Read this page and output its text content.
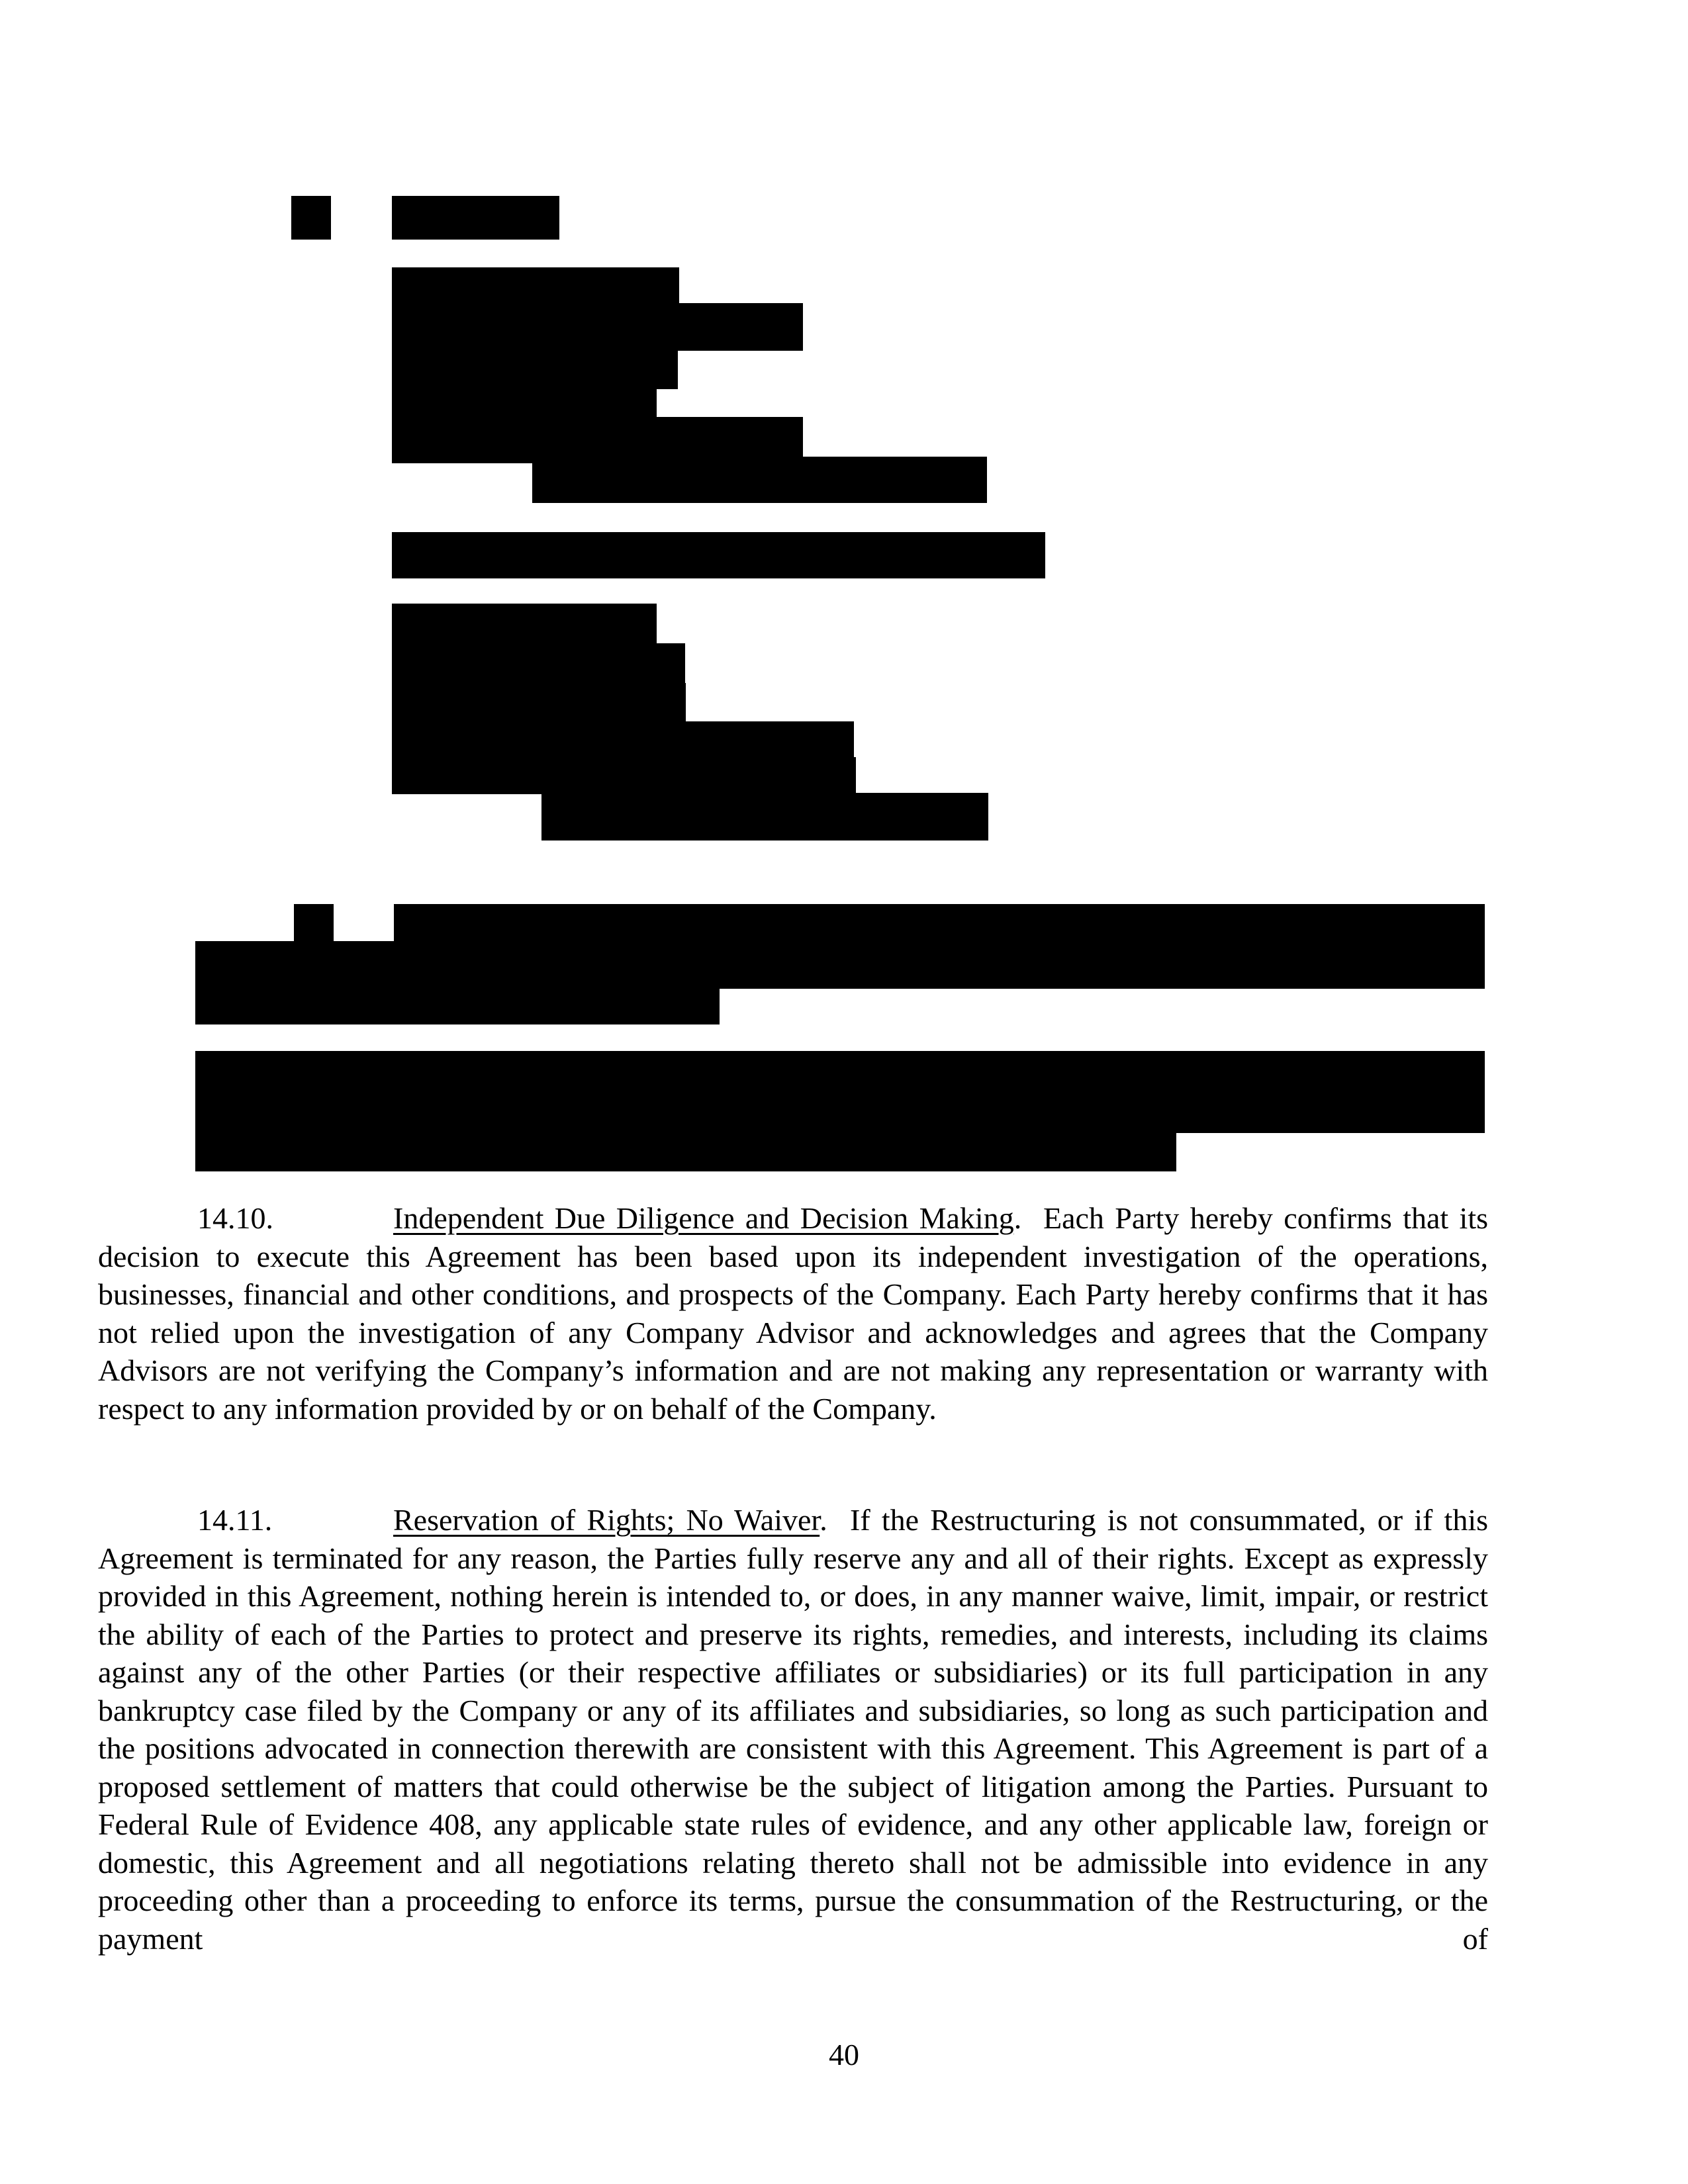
14.10.	Independent Due Diligence and Decision Making. Each Party hereby confirms that its decision to execute this Agreement has been based upon its independent investigation of the operations, businesses, financial and other conditions, and prospects of the Company. Each Party hereby confirms that it has not relied upon the investigation of any Company Advisor and acknowledges and agrees that the Company Advisors are not verifying the Company’s information and are not making any representation or warranty with respect to any information provided by or on behalf of the Company.

14.11.	Reservation of Rights; No Waiver. If the Restructuring is not consummated, or if this Agreement is terminated for any reason, the Parties fully reserve any and all of their rights. Except as expressly provided in this Agreement, nothing herein is intended to, or does, in any manner waive, limit, impair, or restrict the ability of each of the Parties to protect and preserve its rights, remedies, and interests, including its claims against any of the other Parties (or their respective affiliates or subsidiaries) or its full participation in any bankruptcy case filed by the Company or any of its affiliates and subsidiaries, so long as such participation and the positions advocated in connection therewith are consistent with this Agreement. This Agreement is part of a proposed settlement of matters that could otherwise be the subject of litigation among the Parties. Pursuant to Federal Rule of Evidence 408, any applicable state rules of evidence, and any other applicable law, foreign or domestic, this Agreement and all negotiations relating thereto shall not be admissible into evidence in any proceeding other than a proceeding to enforce its terms, pursue the consummation of the Restructuring, or the payment of

40
